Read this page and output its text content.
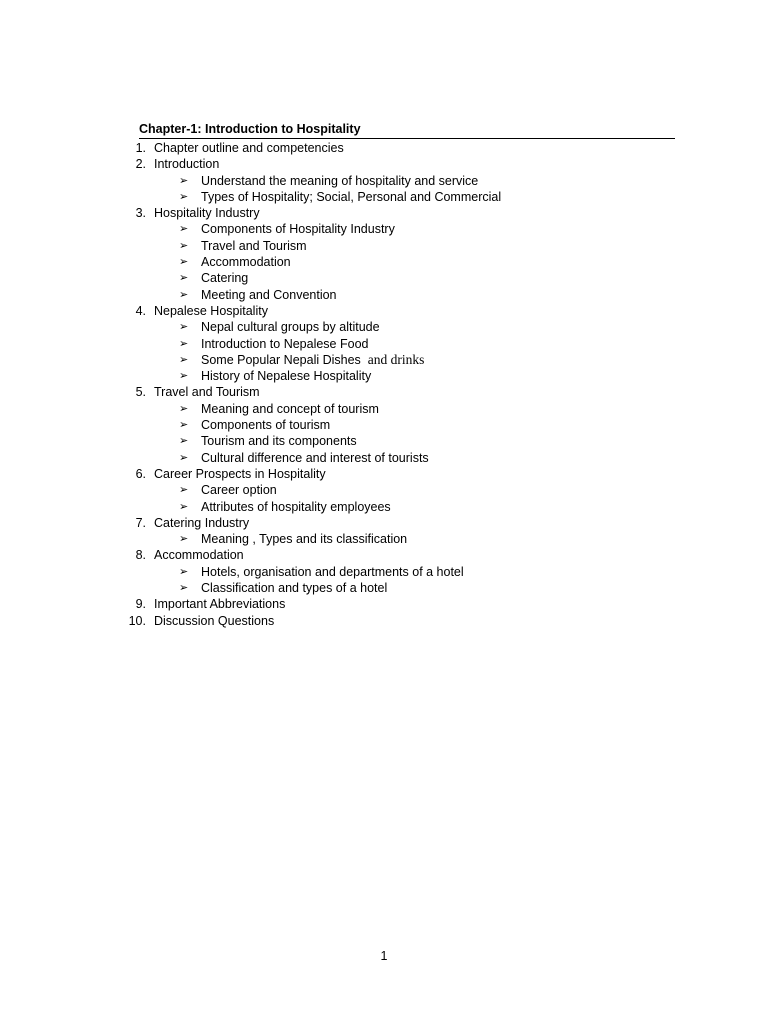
Chapter-1: Introduction to Hospitality
1. Chapter outline and competencies
2. Introduction
➢ Understand the meaning of hospitality and service
➢ Types of Hospitality; Social, Personal and Commercial
3. Hospitality Industry
➢ Components of Hospitality Industry
➢ Travel and Tourism
➢ Accommodation
➢ Catering
➢ Meeting and Convention
4. Nepalese Hospitality
➢ Nepal cultural groups by altitude
➢ Introduction to Nepalese Food
➢ Some Popular Nepali Dishes and drinks
➢ History of Nepalese Hospitality
5. Travel and Tourism
➢ Meaning and concept of tourism
➢ Components of tourism
➢ Tourism and its components
➢ Cultural difference and interest of tourists
6. Career Prospects in Hospitality
➢ Career option
➢ Attributes of hospitality employees
7. Catering Industry
➢ Meaning , Types and its classification
8. Accommodation
➢ Hotels, organisation and departments of a hotel
➢ Classification and types of a hotel
9. Important Abbreviations
10. Discussion Questions
1
